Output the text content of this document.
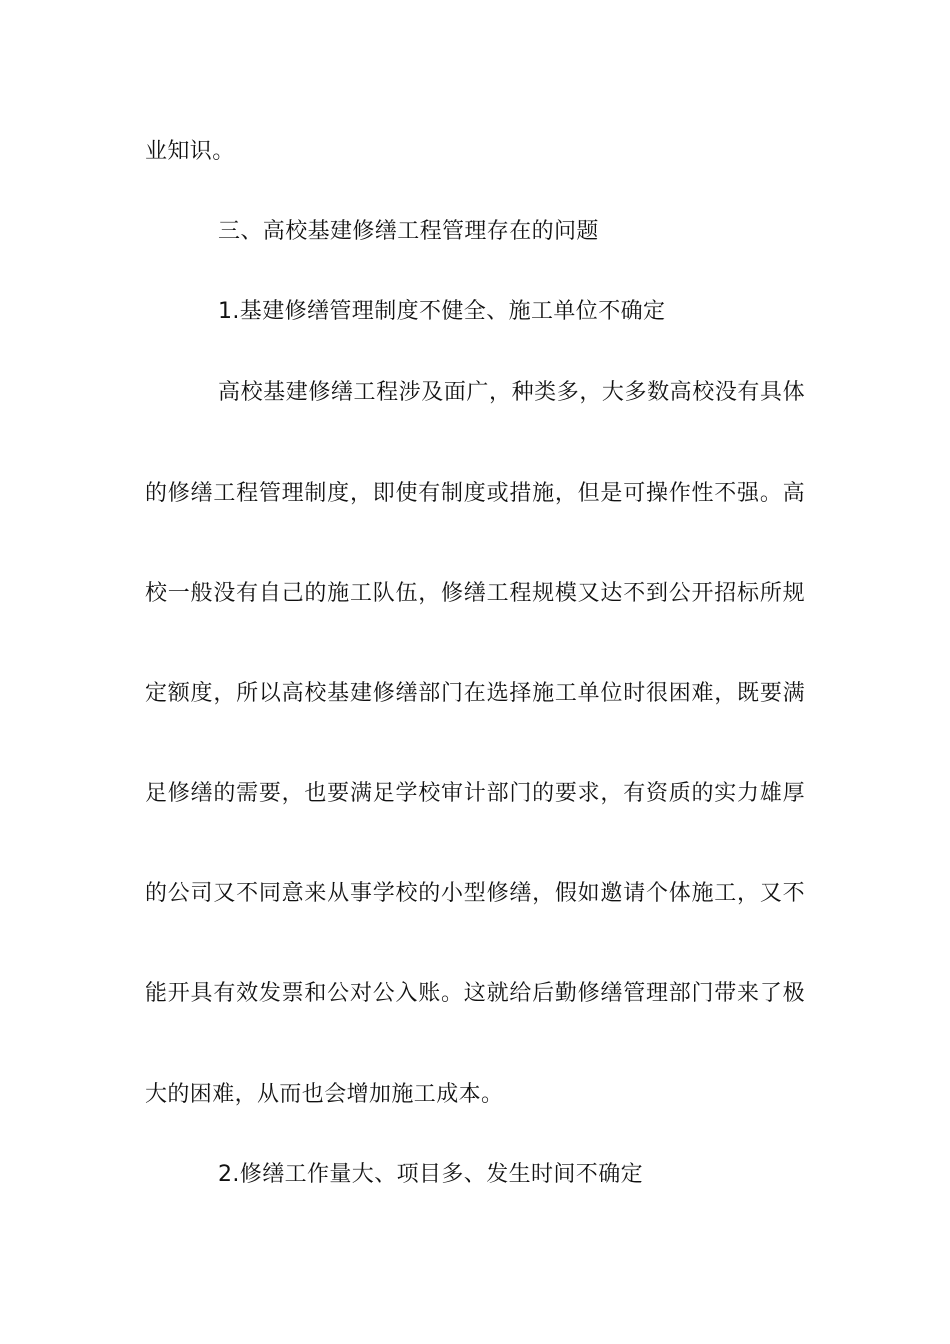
业知识。
三、高校基建修缮工程管理存在的问题
1.基建修缮管理制度不健全、施工单位不确定
高校基建修缮工程涉及面广，种类多，大多数高校没有具体
的修缮工程管理制度，即使有制度或措施，但是可操作性不强。高
校一般没有自己的施工队伍，修缮工程规模又达不到公开招标所规
定额度，所以高校基建修缮部门在选择施工单位时很困难，既要满
足修缮的需要，也要满足学校审计部门的要求，有资质的实力雄厚
的公司又不同意来从事学校的小型修缮，假如邀请个体施工，又不
能开具有效发票和公对公入账。这就给后勤修缮管理部门带来了极
大的困难，从而也会增加施工成本。
2.修缮工作量大、项目多、发生时间不确定
